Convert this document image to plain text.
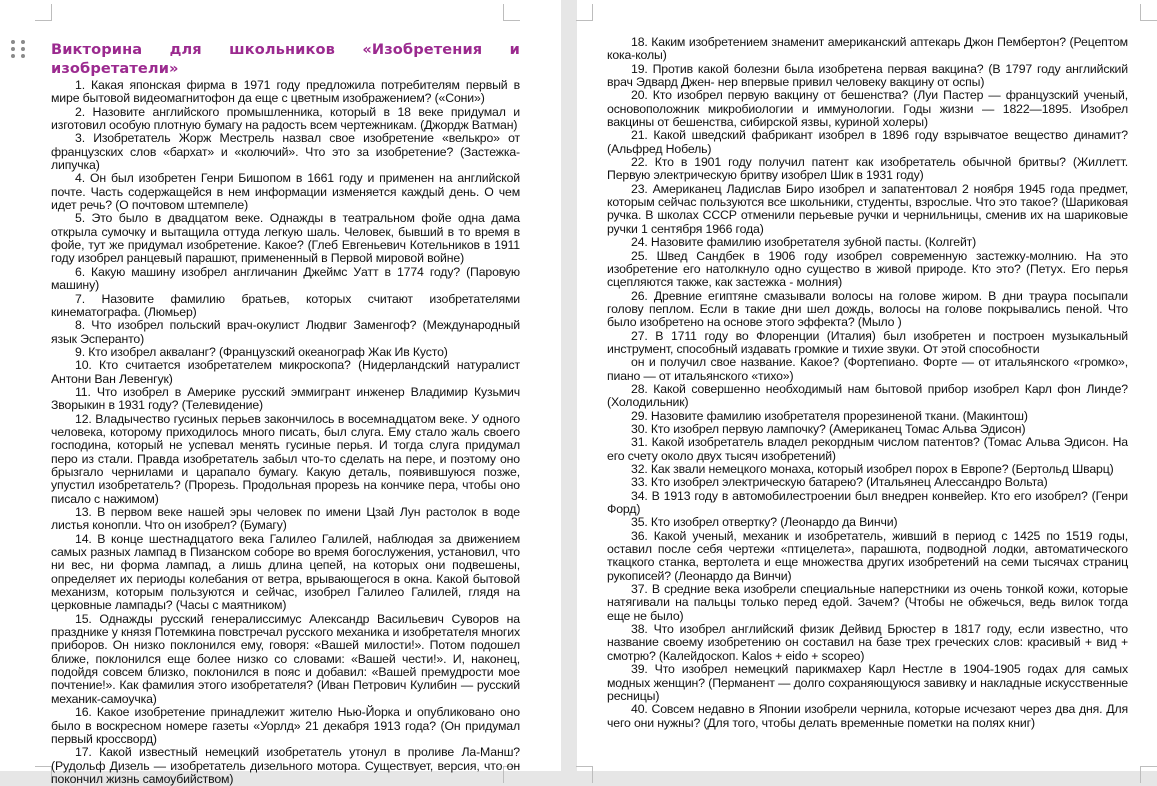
Викторина для школьников «Изобретения и изобретатели»

1. Какая японская фирма в 1971 году предложила потребителям первый в мире бытовой видеомагнитофон да еще с цветным изображением? («Сони»)

2. Назовите английского промышленника, который в 18 веке придумал и изготовил особую плотную бумагу на радость всем чертежникам. (Джордж Ватман)

3. Изобретатель Жорж Местрель назвал свое изобретение «велькро» от французских слов «бархат» и «колючий». Что это за изобретение? (Застежка-липучка)

4. Он был изобретен Генри Бишопом в 1661 году и применен на английской почте. Часть содержащейся в нем информации изменяется каждый день. О чем идет речь? (О почтовом штемпеле)

5. Это было в двадцатом веке. Однажды в театральном фойе одна дама открыла сумочку и вытащила оттуда легкую шаль. Человек, бывший в то время в фойе, тут же придумал изобретение. Какое? (Глеб Евгеньевич Котельников в 1911 году изобрел ранцевый парашют, примененный в Первой мировой войне)

6. Какую машину изобрел англичанин Джеймс Уатт в 1774 году? (Паровую машину)

7. Назовите фамилию братьев, которых считают изобретателями кинематографа. (Люмьер)

8. Что изобрел польский врач-окулист Людвиг Заменгоф? (Международный язык Эсперанто)

9. Кто изобрел акваланг? (Французский океанограф Жак Ив Кусто)

10. Кто считается изобретателем микроскопа? (Нидерландский натуралист Антони Ван Левенгук)

11. Что изобрел в Америке русский эммигрант инженер Владимир Кузьмич Зворыкин в 1931 году? (Телевидение)

12. Владычество гусиных перьев закончилось в восемнадцатом веке. У одного человека, которому приходилось много писать, был слуга. Ему стало жаль своего господина, который не успевал менять гусиные перья. И тогда слуга придумал перо из стали. Правда изобретатель забыл что-то сделать на пере, и поэтому оно брызгало чернилами и царапало бумагу. Какую деталь, появившуюся позже, упустил изобретатель? (Прорезь. Продольная прорезь на кончике пера, чтобы оно писало с нажимом)

13. В первом веке нашей эры человек по имени Цзай Лун растолок в воде листья конопли. Что он изобрел? (Бумагу)

14. В конце шестнадцатого века Галилео Галилей, наблюдая за движением самых разных лампад в Пизанском соборе во время богослужения, установил, что ни вес, ни форма лампад, а лишь длина цепей, на которых они подвешены, определяет их периоды колебания от ветра, врывающегося в окна. Какой бытовой механизм, которым пользуются и сейчас, изобрел Галилео Галилей, глядя на церковные лампады? (Часы с маятником)

15. Однажды русский генералиссимус Александр Васильевич Суворов на празднике у князя Потемкина повстречал русского механика и изобретателя многих приборов. Он низко поклонился ему, говоря: «Вашей милости!». Потом подошел ближе, поклонился еще более низко со словами: «Вашей чести!». И, наконец, подойдя совсем близко, поклонился в пояс и добавил: «Вашей премудрости мое почтение!». Как фамилия этого изобретателя? (Иван Петрович Кулибин — русский механик-самоучка)

16. Какое изобретение принадлежит жителю Нью-Йорка и опубликовано оно было в воскресном номере газеты «Уорлд» 21 декабря 1913 года? (Он придумал первый кроссворд)

17. Какой известный немецкий изобретатель утонул в проливе Ла-Манш? (Рудольф Дизель — изобретатель дизельного мотора. Существует, версия, что он покончил жизнь самоубийством)

18. Каким изобретением знаменит американский аптекарь Джон Пембертон? (Рецептом кока-колы)

19. Против какой болезни была изобретена первая вакцина? (В 1797 году английский врач Эдвард Джен- нер впервые привил человеку вакцину от оспы)

20. Кто изобрел первую вакцину от бешенства? (Луи Пастер — французский ученый, основоположник микробиологии и иммунологии. Годы жизни — 1822—1895. Изобрел вакцины от бешенства, сибирской язвы, куриной холеры)

21. Какой шведский фабрикант изобрел в 1896 году взрывчатое вещество динамит? (Альфред Нобель)

22. Кто в 1901 году получил патент как изобретатель обычной бритвы? (Жиллетт. Первую электрическую бритву изобрел Шик в 1931 году)

23. Американец Ладислав Биро изобрел и запатентовал 2 ноября 1945 года предмет, которым сейчас пользуются все школьники, студенты, взрослые. Что это такое? (Шариковая ручка. В школах СССР отменили перьевые ручки и чернильницы, сменив их на шариковые ручки 1 сентября 1966 года)

24. Назовите фамилию изобретателя зубной пасты. (Колгейт)

25. Швед Сандбек в 1906 году изобрел современную застежку-молнию. На это изобретение его натолкнуло одно существо в живой природе. Кто это? (Петух. Его перья сцепляются также, как застежка - молния)

26. Древние египтяне смазывали волосы на голове жиром. В дни траура посыпали голову пеплом. Если в такие дни шел дождь, волосы на голове покрывались пеной. Что было изобретено на основе этого эффекта? (Мыло )

27. В 1711 году во Флоренции (Италия) был изобретен и построен музыкальный инструмент, способный издавать громкие и тихие звуки. От этой способности

он и получил свое название. Какое? (Фортепиано. Форте — от итальянского «громко», пиано — от итальянского «тихо»)

28. Какой совершенно необходимый нам бытовой прибор изобрел Карл фон Линде? (Холодильник)

29. Назовите фамилию изобретателя прорезиненой ткани. (Макинтош)

30. Кто изобрел первую лампочку? (Американец Томас Альва Эдисон)

31. Какой изобретатель владел рекордным числом патентов? (Томас Альва Эдисон. На его счету около двух тысяч изобретений)

32. Как звали немецкого монаха, который изобрел порох в Европе? (Бертольд Шварц)

33. Кто изобрел электрическую батарею? (Итальянец Алессандро Вольта)

34. В 1913 году в автомобилестроении был внедрен конвейер. Кто его изобрел? (Генри Форд)

35. Кто изобрел отвертку? (Леонардо да Винчи)

36. Какой ученый, механик и изобретатель, живший в период с 1425 по 1519 годы, оставил после себя чертежи «птицелета», парашюта, подводной лодки, автоматического ткацкого станка, вертолета и еще множества других изобретений на семи тысячах страниц рукописей? (Леонардо да Винчи)

37. В средние века изобрели специальные наперстники из очень тонкой кожи, которые натягивали на пальцы только перед едой. Зачем? (Чтобы не обжечься, ведь вилок тогда еще не было)

38. Что изобрел английский физик Дейвид Брюстер в 1817 году, если известно, что название своему изобретению он составил на базе трех греческих слов: красивый + вид + смотрю? (Калейдоскоп. Kalos + eido + scopeo)

39. Что изобрел немецкий парикмахер Карл Нестле в 1904-1905 годах для самых модных женщин? (Перманент — долго сохраняющуюся завивку и накладные искусственные ресницы)

40. Совсем недавно в Японии изобрели чернила, которые исчезают через два дня. Для чего они нужны? (Для того, чтобы делать временные пометки на полях книг)
